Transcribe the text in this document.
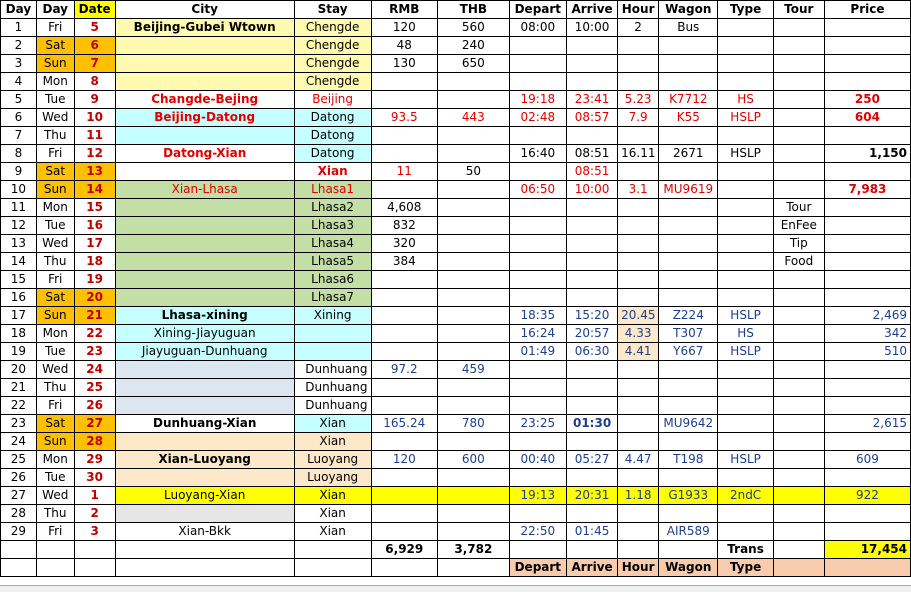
Day	Day	Date	City	Stay	RMB	THB	Depart	Arrive	Hour	Wagon	Type	Tour	Price
1	Fri	5	Beijing-Gubei Wtown	Chengde	120	560	08:00	10:00	2	Bus			
2	Sat	6		Chengde	48	240							
3	Sun	7		Chengde	130	650							
4	Mon	8		Chengde									
5	Tue	9	Changde-Bejing	Beijing			19:18	23:41	5.23	K7712	HS		250
6	Wed	10	Beijing-Datong	Datong	93.5	443	02:48	08:57	7.9	K55	HSLP		604
7	Thu	11		Datong									
8	Fri	12	Datong-Xian	Datong			16:40	08:51	16.11	2671	HSLP		1,150
9	Sat	13		Xian	11	50		08:51					
10	Sun	14	Xian-Lhasa	Lhasa1			06:50	10:00	3.1	MU9619			7,983
11	Mon	15		Lhasa2	4,608							Tour	
12	Tue	16		Lhasa3	832							EnFee	
13	Wed	17		Lhasa4	320							Tip	
14	Thu	18		Lhasa5	384							Food	
15	Fri	19		Lhasa6									
16	Sat	20		Lhasa7									
17	Sun	21	Lhasa-xining	Xining			18:35	15:20	20.45	Z224	HSLP		2,469
18	Mon	22	Xining-Jiayuguan				16:24	20:57	4.33	T307	HS		342
19	Tue	23	Jiayuguan-Dunhuang				01:49	06:30	4.41	Y667	HSLP		510
20	Wed	24		Dunhuang	97.2	459							
21	Thu	25		Dunhuang									
22	Fri	26		Dunhuang									
23	Sat	27	Dunhuang-Xian	Xian	165.24	780	23:25	01:30		MU9642			2,615
24	Sun	28		Xian									
25	Mon	29	Xian-Luoyang	Luoyang	120	600	00:40	05:27	4.47	T198	HSLP		609
26	Tue	30		Luoyang									
27	Wed	1	Luoyang-Xian	Xian			19:13	20:31	1.18	G1933	2ndC		922
28	Thu	2		Xian									
29	Fri	3	Xian-Bkk	Xian			22:50	01:45		AIR589			
					6,929	3,782					Trans		17,454
							Depart	Arrive	Hour	Wagon	Type		
